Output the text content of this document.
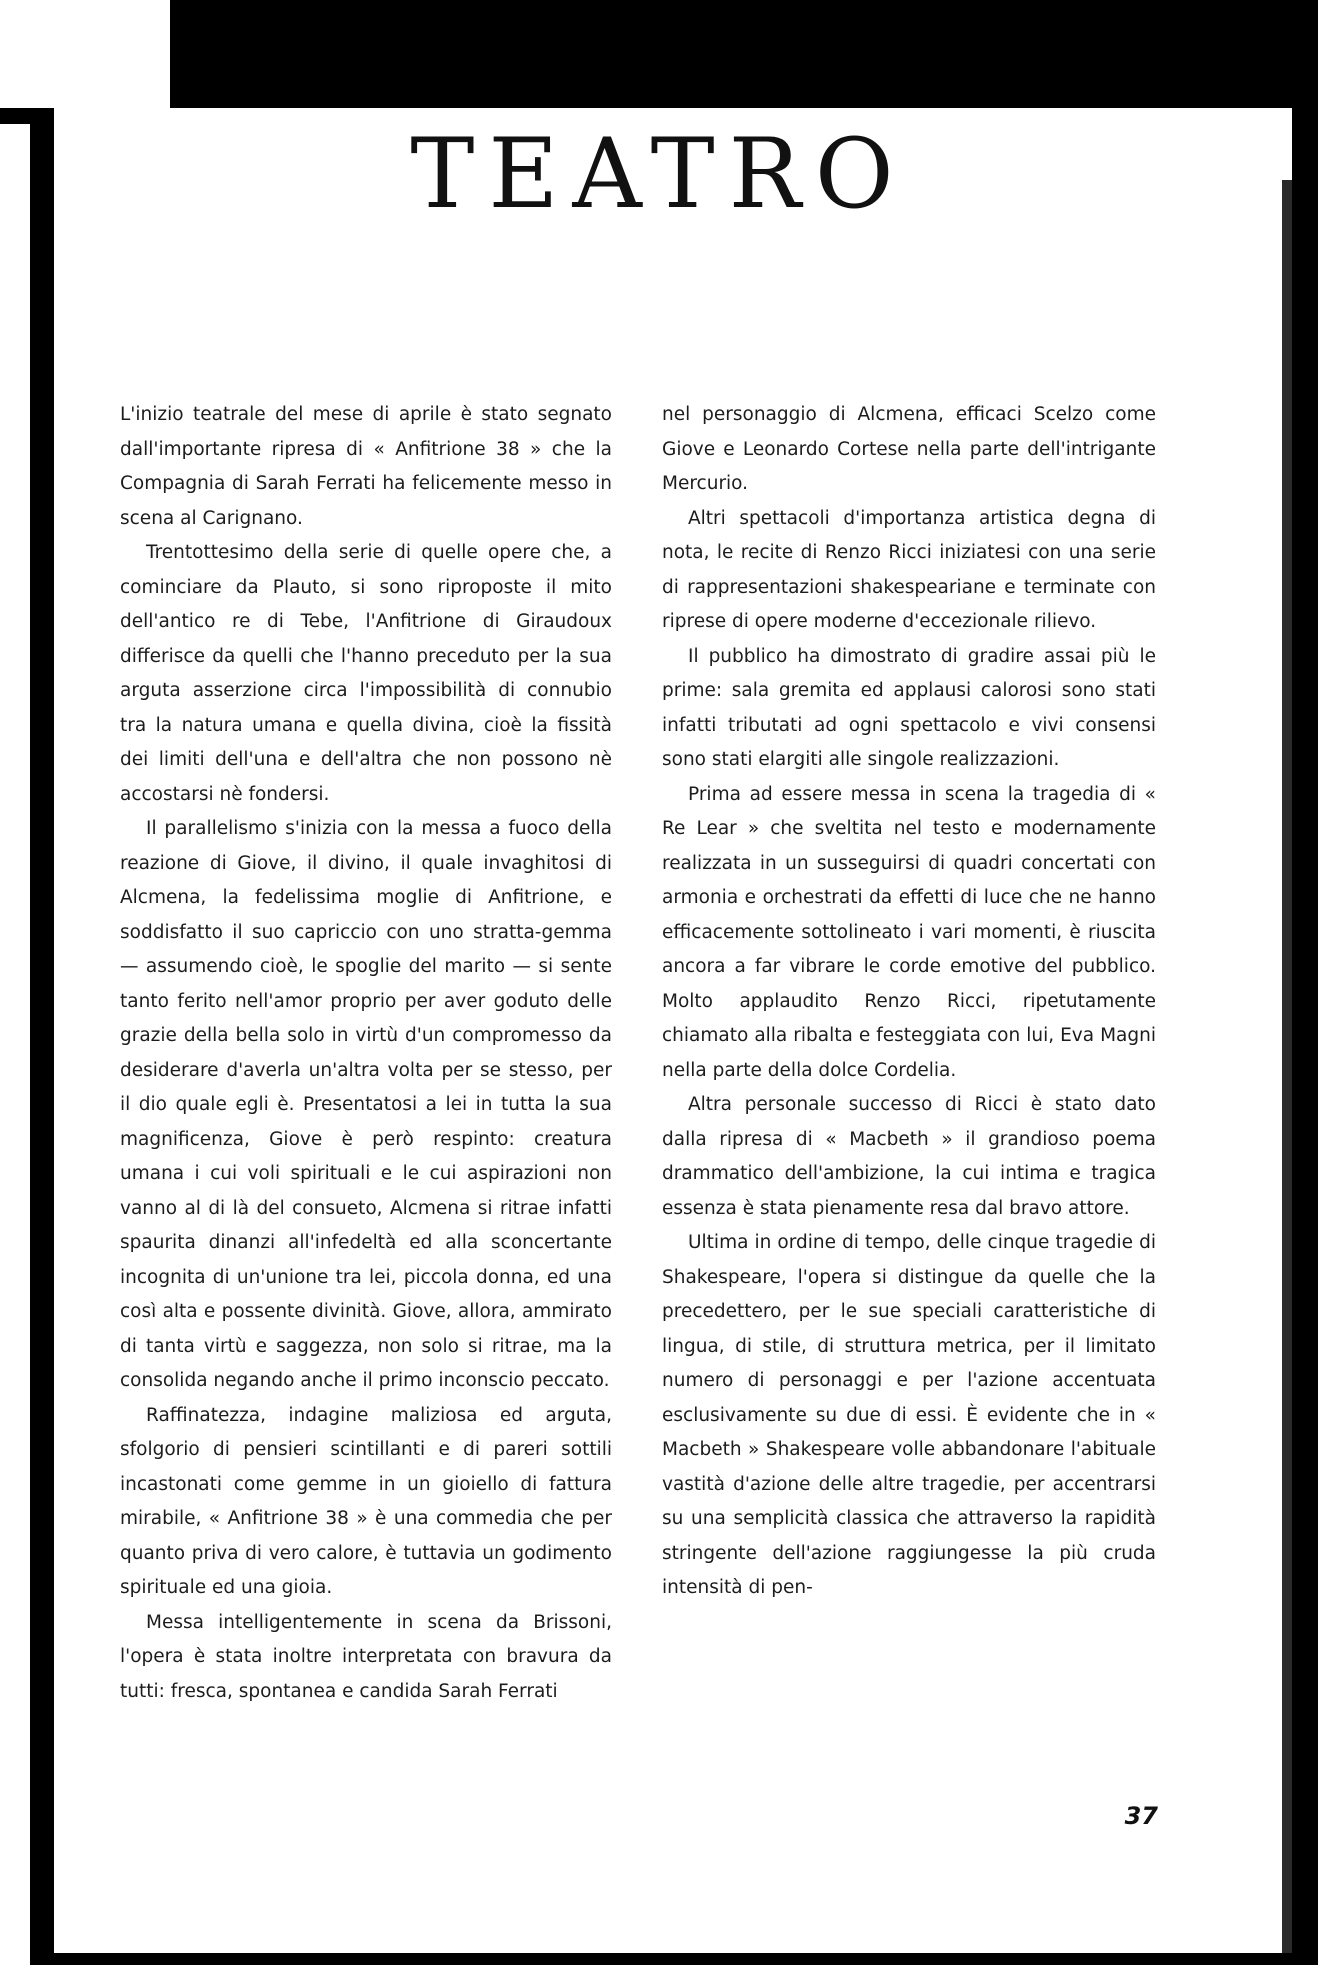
TEATRO

L'inizio teatrale del mese di aprile è stato segnato dall'importante ripresa di « Anfitrione 38 » che la Compagnia di Sarah Ferrati ha felicemente messo in scena al Carignano.

Trentottesimo della serie di quelle opere che, a cominciare da Plauto, si sono riproposte il mito dell'antico re di Tebe, l'Anfitrione di Giraudoux differisce da quelli che l'hanno preceduto per la sua arguta asserzione circa l'impossibilità di connubio tra la natura umana e quella divina, cioè la fissità dei limiti dell'una e dell'altra che non possono nè accostarsi nè fondersi.

Il parallelismo s'inizia con la messa a fuoco della reazione di Giove, il divino, il quale invaghitosi di Alcmena, la fedelissima moglie di Anfitrione, e soddisfatto il suo capriccio con uno stratta-gemma — assumendo cioè, le spoglie del marito — si sente tanto ferito nell'amor proprio per aver goduto delle grazie della bella solo in virtù d'un compromesso da desiderare d'averla un'altra volta per se stesso, per il dio quale egli è. Presentatosi a lei in tutta la sua magnificenza, Giove è però respinto: creatura umana i cui voli spirituali e le cui aspirazioni non vanno al di là del consueto, Alcmena si ritrae infatti spaurita dinanzi all'infedeltà ed alla sconcertante incognita di un'unione tra lei, piccola donna, ed una così alta e possente divinità. Giove, allora, ammirato di tanta virtù e saggezza, non solo si ritrae, ma la consolida negando anche il primo inconscio peccato.

Raffinatezza, indagine maliziosa ed arguta, sfolgorio di pensieri scintillanti e di pareri sottili incastonati come gemme in un gioiello di fattura mirabile, « Anfitrione 38 » è una commedia che per quanto priva di vero calore, è tuttavia un godimento spirituale ed una gioia.

Messa intelligentemente in scena da Brissoni, l'opera è stata inoltre interpretata con bravura da tutti: fresca, spontanea e candida Sarah Ferrati

nel personaggio di Alcmena, efficaci Scelzo come Giove e Leonardo Cortese nella parte dell'intrigante Mercurio.

Altri spettacoli d'importanza artistica degna di nota, le recite di Renzo Ricci iniziatesi con una serie di rappresentazioni shakespeariane e terminate con riprese di opere moderne d'eccezionale rilievo.

Il pubblico ha dimostrato di gradire assai più le prime: sala gremita ed applausi calorosi sono stati infatti tributati ad ogni spettacolo e vivi consensi sono stati elargiti alle singole realizzazioni.

Prima ad essere messa in scena la tragedia di « Re Lear » che sveltita nel testo e modernamente realizzata in un susseguirsi di quadri concertati con armonia e orchestrati da effetti di luce che ne hanno efficacemente sottolineato i vari momenti, è riuscita ancora a far vibrare le corde emotive del pubblico. Molto applaudito Renzo Ricci, ripetutamente chiamato alla ribalta e festeggiata con lui, Eva Magni nella parte della dolce Cordelia.

Altra personale successo di Ricci è stato dato dalla ripresa di « Macbeth » il grandioso poema drammatico dell'ambizione, la cui intima e tragica essenza è stata pienamente resa dal bravo attore.

Ultima in ordine di tempo, delle cinque tragedie di Shakespeare, l'opera si distingue da quelle che la precedettero, per le sue speciali caratteristiche di lingua, di stile, di struttura metrica, per il limitato numero di personaggi e per l'azione accentuata esclusivamente su due di essi. È evidente che in « Macbeth » Shakespeare volle abbandonare l'abituale vastità d'azione delle altre tragedie, per accentrarsi su una semplicità classica che attraverso la rapidità stringente dell'azione raggiungesse la più cruda intensità di pen-

37
